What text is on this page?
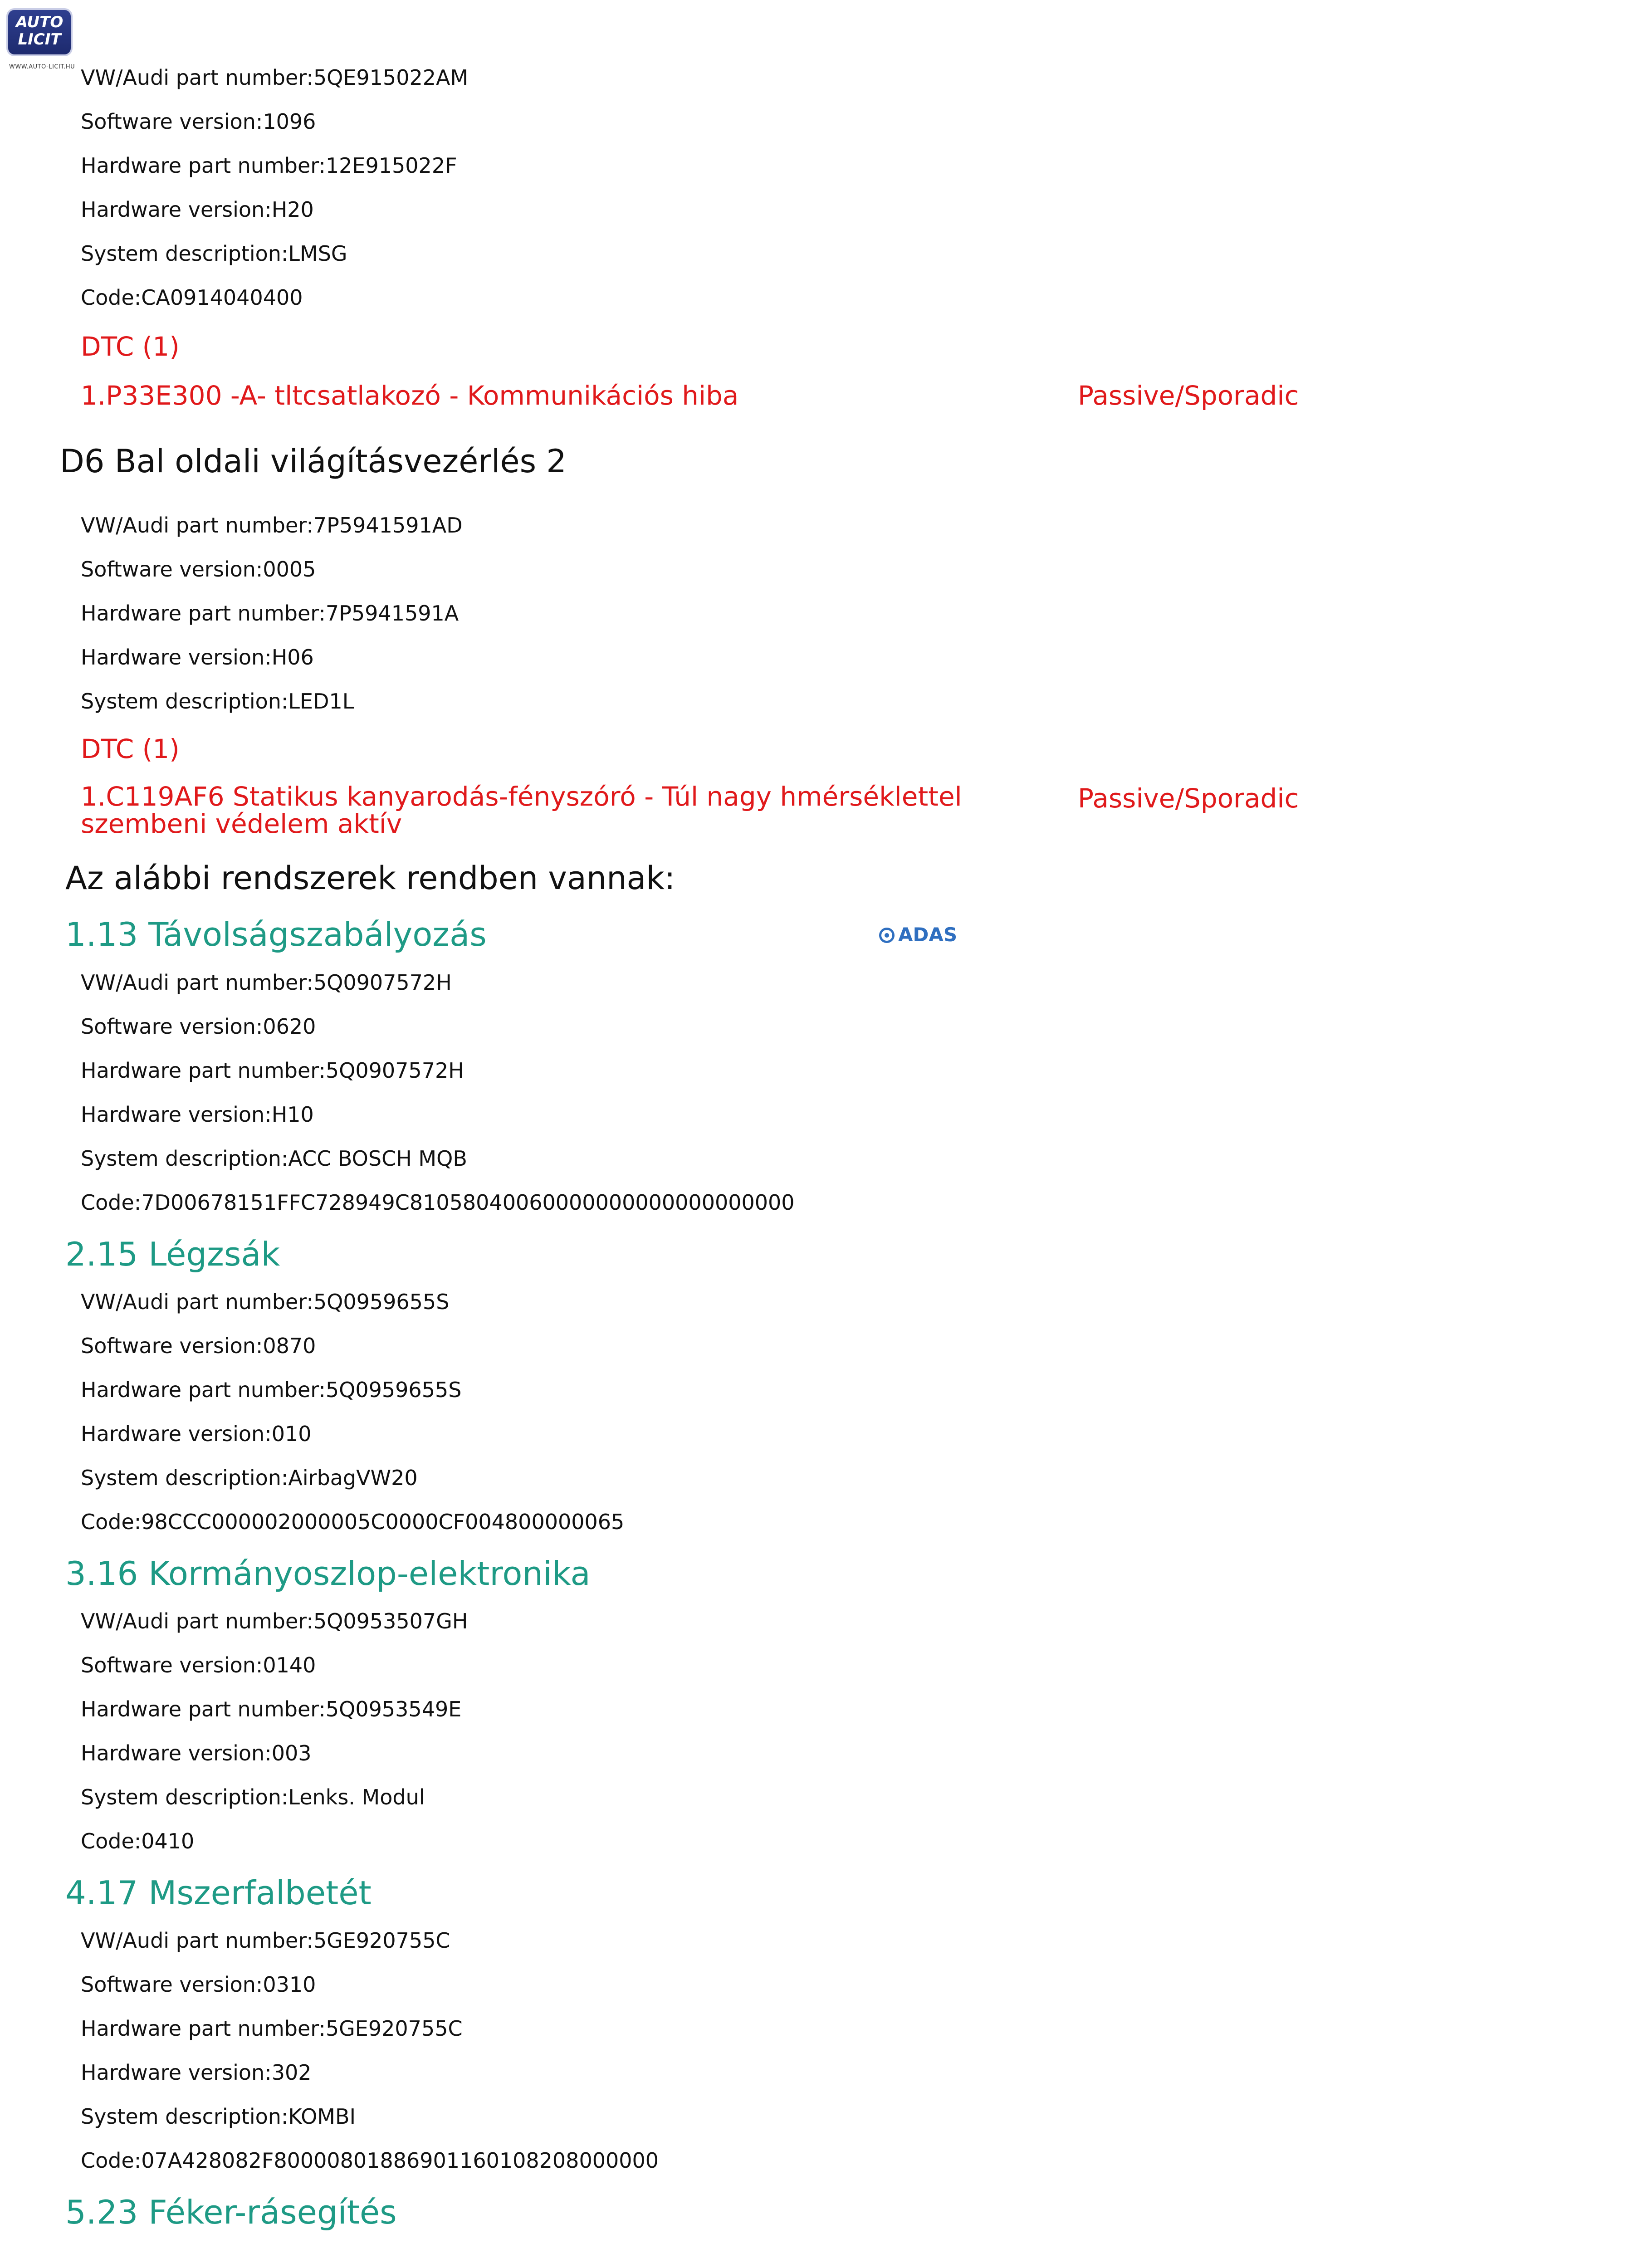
AUTO
LICIT
WWW.AUTO-LICIT.HU VW/Audi part number:5QE915022AM
Software version:1096
Hardware part number:12E915022F
Hardware version:H20
System description:LMSG
Code:CA0914040400
DTC (1)
1.P33E300 -A- tltcsatlakozó - Kommunikációs hiba	Passive/Sporadic
D6 Bal oldali világításvezérlés 2
VW/Audi part number:7P5941591AD
Software version:0005
Hardware part number:7P5941591A
Hardware version:H06
System description:LED1L
DTC (1)
1.C119AF6 Statikus kanyarodás-fényszóró - Túl nagy hmérséklettel szembeni védelem aktív
Passive/Sporadic
Az alábbi rendszerek rendben vannak:
1.13 Távolságszabályozás	ADAS
VW/Audi part number:5Q0907572H
Software version:0620
Hardware part number:5Q0907572H
Hardware version:H10
System description:ACC BOSCH MQB
Code:7D00678151FFC728949C81058040060000000000000000000
2.15 Légzsák
VW/Audi part number:5Q0959655S
Software version:0870
Hardware part number:5Q0959655S
Hardware version:010
System description:AirbagVW20
Code:98CCC000002000005C0000CF004800000065
3.16 Kormányoszlop-elektronika
VW/Audi part number:5Q0953507GH
Software version:0140
Hardware part number:5Q0953549E
Hardware version:003
System description:Lenks. Modul
Code:0410
4.17 Mszerfalbetét
VW/Audi part number:5GE920755C
Software version:0310
Hardware part number:5GE920755C
Hardware version:302
System description:KOMBI
Code:07A428082F80000801886901160108208000000
5.23 Féker-rásegítés
